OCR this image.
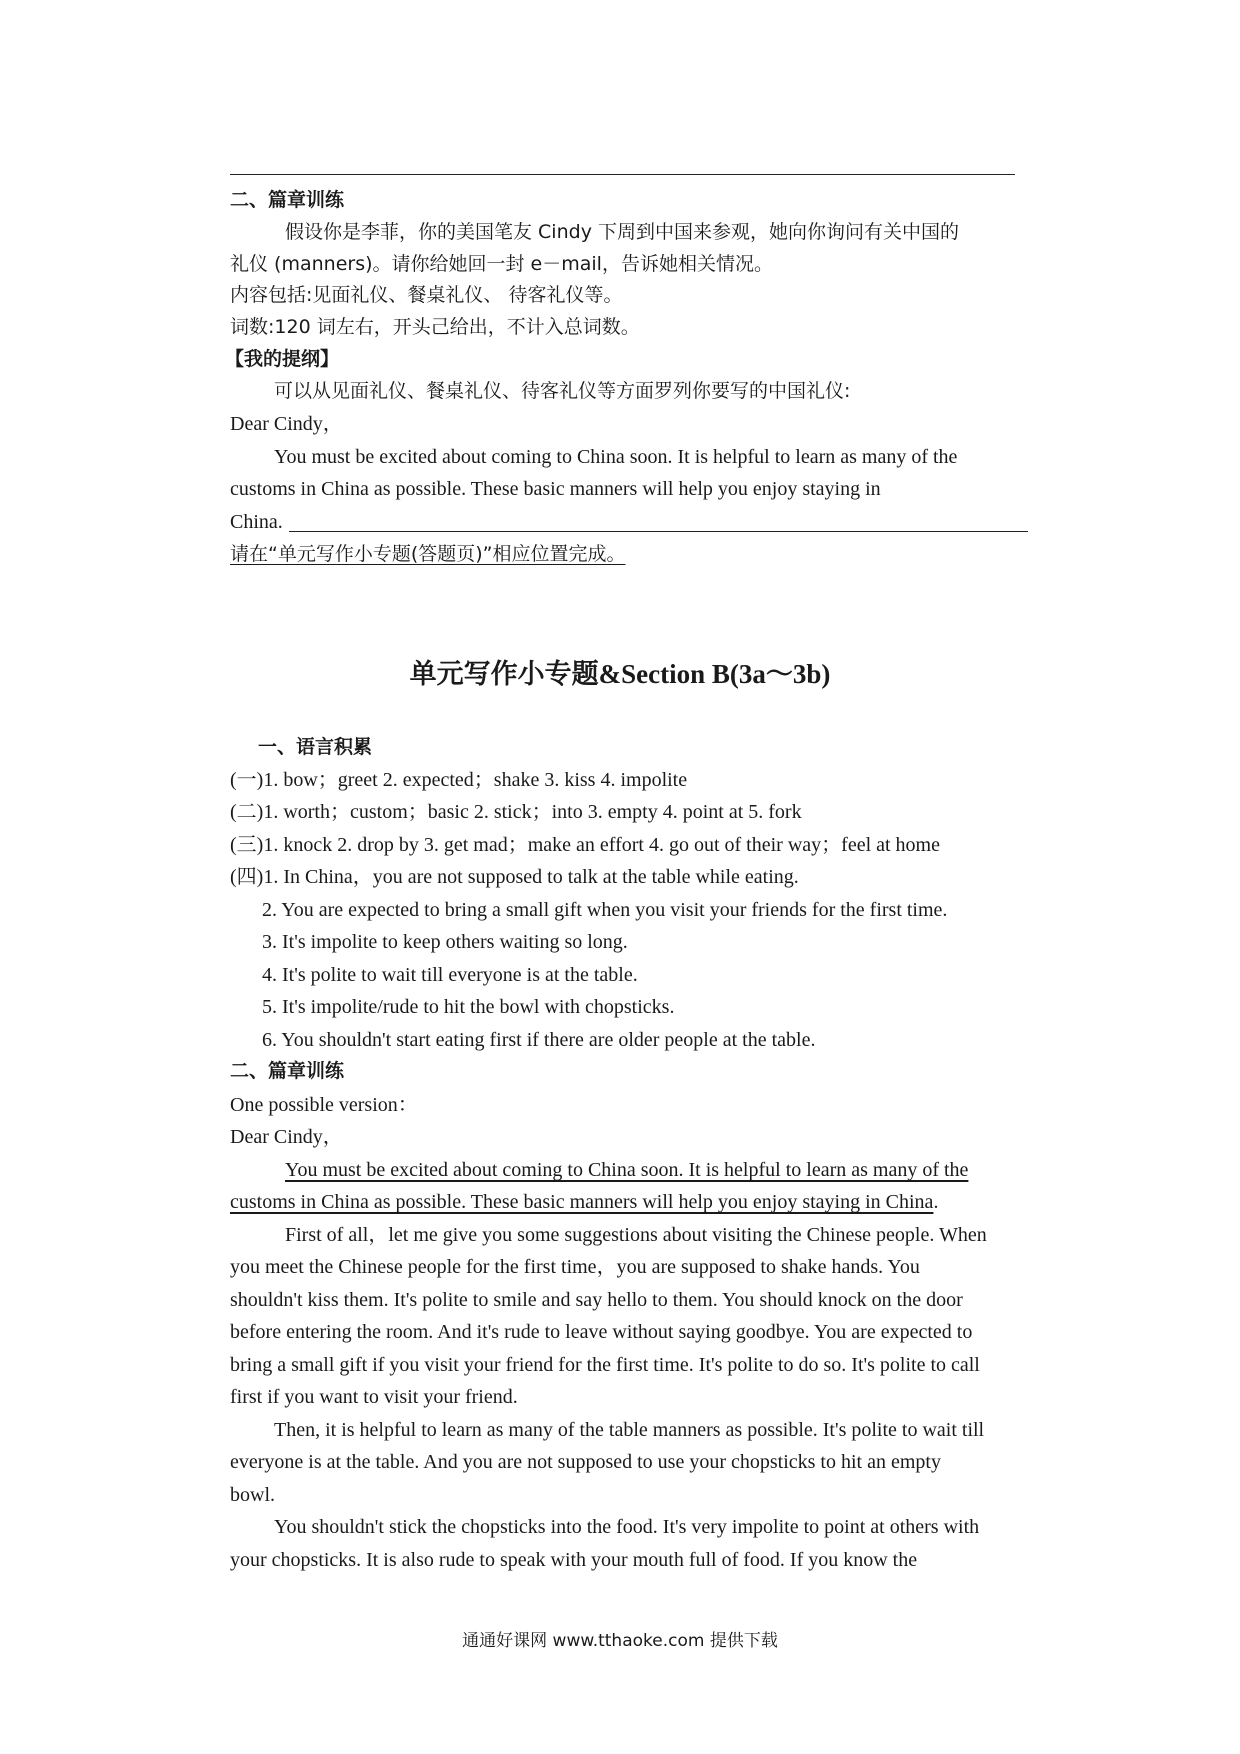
二、篇章训练
假设你是李菲，你的美国笔友 Cindy 下周到中国来参观，她向你询问有关中国的
礼仪 (manners)。请你给她回一封 e－mail，告诉她相关情况。
内容包括:见面礼仪、餐桌礼仪、 待客礼仪等。
词数:120 词左右，开头己给出，不计入总词数。
【我的提纲】
可以从见面礼仪、餐桌礼仪、待客礼仪等方面罗列你要写的中国礼仪:
Dear Cindy，
You must be excited about coming to China soon. It is helpful to learn as many of the
customs in China as possible. These basic manners will help you enjoy staying in
China.
请在“单元写作小专题(答题页)”相应位置完成。
单元写作小专题&Section B(3a～3b)
一、语言积累
(一)1. bow；greet 2. expected；shake 3. kiss 4. impolite
(二)1. worth；custom；basic 2. stick；into 3. empty 4. point at 5. fork
(三)1. knock 2. drop by 3. get mad；make an effort 4. go out of their way；feel at home
(四)1. In China，you are not supposed to talk at the table while eating.
2. You are expected to bring a small gift when you visit your friends for the first time.
3. It's impolite to keep others waiting so long.
4. It's polite to wait till everyone is at the table.
5. It's impolite/rude to hit the bowl with chopsticks.
6. You shouldn't start eating first if there are older people at the table.
二、篇章训练
One possible version：
Dear Cindy，
You must be excited about coming to China soon. It is helpful to learn as many of the
customs in China as possible. These basic manners will help you enjoy staying in China.
First of all，let me give you some suggestions about visiting the Chinese people. When
you meet the Chinese people for the first time，you are supposed to shake hands. You
shouldn't kiss them. It's polite to smile and say hello to them. You should knock on the door
before entering the room. And it's rude to leave without saying goodbye. You are expected to
bring a small gift if you visit your friend for the first time. It's polite to do so. It's polite to call
first if you want to visit your friend.
Then, it is helpful to learn as many of the table manners as possible. It's polite to wait till
everyone is at the table. And you are not supposed to use your chopsticks to hit an empty
bowl.
You shouldn't stick the chopsticks into the food. It's very impolite to point at others with
your chopsticks. It is also rude to speak with your mouth full of food. If you know the
通通好课网 www.tthaoke.com 提供下载
